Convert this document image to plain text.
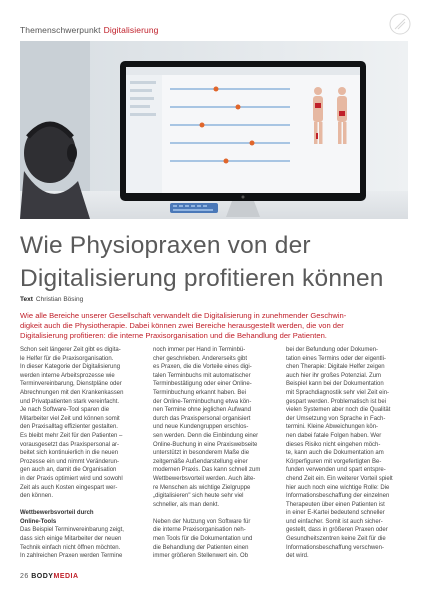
Themenschwerpunkt Digitalisierung
Wie Physiopraxen von der
Digitalisierung profitieren können
Text Christian Bösing
Wie alle Bereiche unserer Gesellschaft verwandelt die Digitalisierung in zunehmender Geschwin-
digkeit auch die Physiotherapie. Dabei können zwei Bereiche herausgestellt werden, die von der
Digitalisierung profitieren: die interne Praxisorganisation und die Behandlung der Patienten.
Schon seit längerer Zeit gibt es digita-
le Helfer für die Praxisorganisation.
In dieser Kategorie der Digitalisierung
werden interne Arbeitsprozesse wie
Terminvereinbarung, Dienstpläne oder
Abrechnungen mit den Krankenkassen
und Privatpatienten stark vereinfacht.
Je nach Software-Tool sparen die
Mitarbeiter viel Zeit und können somit
den Praxisalltag effizienter gestalten.
Es bleibt mehr Zeit für den Patienten –
vorausgesetzt das Praxispersonal ar-
beitet sich kontinuierlich in die neuen
Prozesse ein und nimmt Veränderun-
gen auch an, damit die Organisation
in der Praxis optimiert wird und sowohl
Zeit als auch Kosten eingespart wer-
den können.
Wettbewerbsvorteil durch
Online-Tools
Das Beispiel Terminvereinbarung zeigt,
dass sich einige Mitarbeiter der neuen
Technik einfach nicht öffnen möchten.
In zahlreichen Praxen werden Termine
noch immer per Hand in Terminbü-
cher geschrieben. Andererseits gibt
es Praxen, die die Vorteile eines digi-
talen Terminbuchs mit automatischer
Terminbestätigung oder einer Online-
Terminbuchung erkannt haben. Bei
der Online-Terminbuchung etwa kön-
nen Termine ohne jeglichen Aufwand
durch das Praxispersonal organisiert
und neue Kundengruppen erschlos-
sen werden. Denn die Einbindung einer
Online-Buchung in eine Praxiswebseite
unterstützt in besonderem Maße die
zeitgemäße Außendarstellung einer
modernen Praxis. Das kann schnell zum
Wettbewerbsvorteil werden. Auch älte-
re Menschen als wichtige Zielgruppe
„digitalisieren" sich heute sehr viel
schneller, als man denkt.
Neben der Nutzung von Software für
die interne Praxisorganisation neh-
men Tools für die Dokumentation und
die Behandlung der Patienten einen
immer größeren Stellenwert ein. Ob
bei der Befundung oder Dokumen-
tation eines Termins oder der eigentli-
chen Therapie: Digitale Helfer zeigen
auch hier ihr großes Potenzial. Zum
Beispiel kann bei der Dokumentation
mit Sprachdiagnostik sehr viel Zeit ein-
gespart werden. Problematisch ist bei
vielen Systemen aber noch die Qualität
der Umsetzung von Sprache in Fach-
termini. Kleine Abweichungen kön-
nen dabei fatale Folgen haben. Wer
dieses Risiko nicht eingehen möch-
te, kann auch die Dokumentation am
Körperfiguren mit vorgefertigten Be-
funden verwenden und spart entspre-
chend Zeit ein. Ein weiterer Vorteil spielt
hier auch noch eine wichtige Rolle: Die
Informationsbeschaffung der einzelnen
Therapeuten über einen Patienten ist
in einer E-Kartei bedeutend schneller
und einfacher. Somit ist auch sicher-
gestellt, dass in größeren Praxen oder
Gesundheitszentren keine Zeit für die
Informationsbeschaffung verschwen-
det wird.
26 BODYMEDIA
